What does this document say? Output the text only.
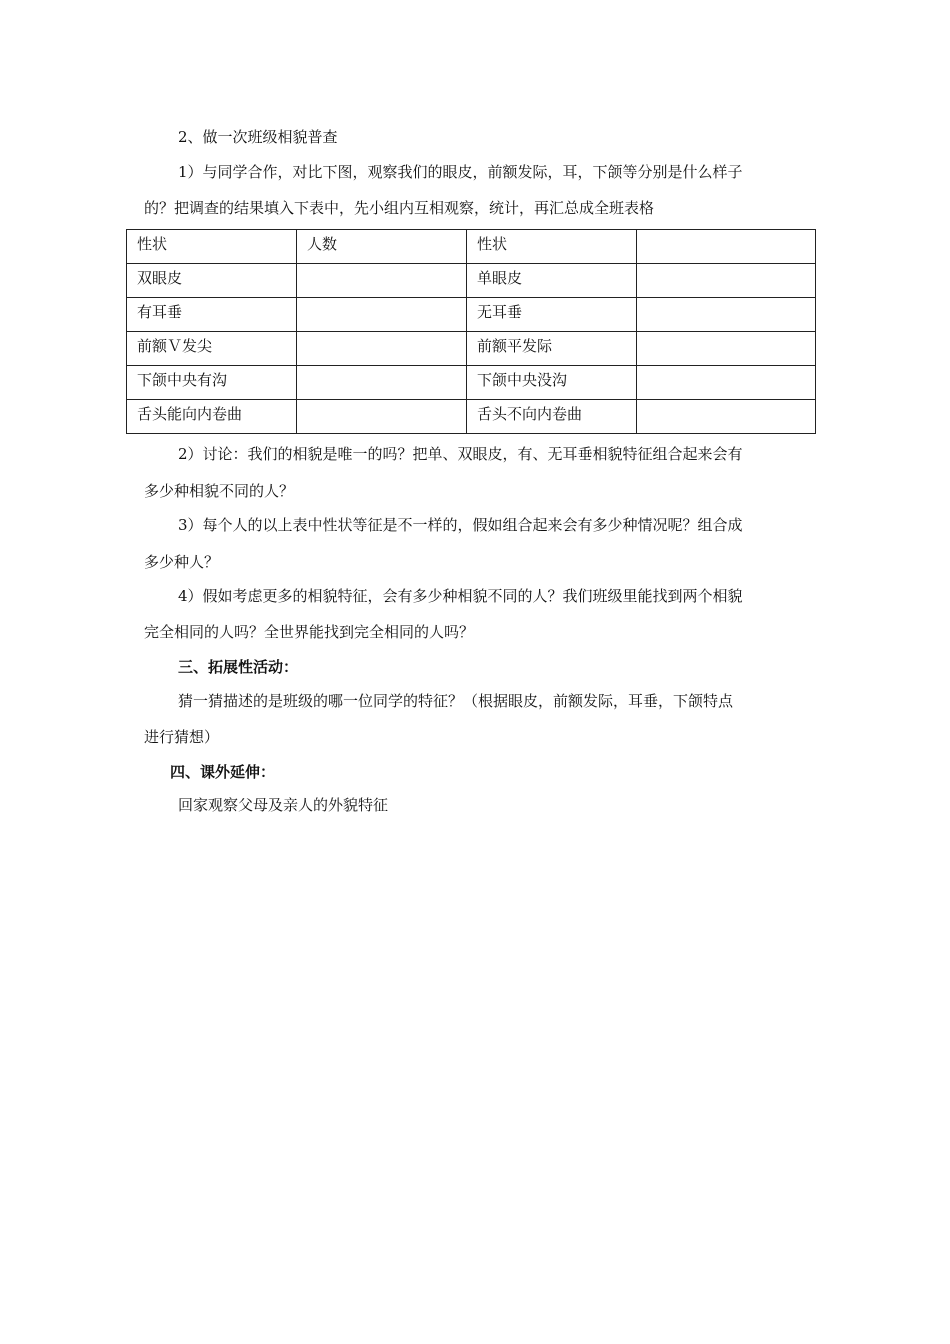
2、做一次班级相貌普查
1）与同学合作，对比下图，观察我们的眼皮，前额发际，耳，下颌等分别是什么样子
的？把调查的结果填入下表中，先小组内互相观察，统计，再汇总成全班表格
性状	人数	性状	
双眼皮		单眼皮	
有耳垂		无耳垂	
前额Ｖ发尖		前额平发际	
下颌中央有沟		下颌中央没沟	
舌头能向内卷曲		舌头不向内卷曲	
2）讨论：我们的相貌是唯一的吗？把单、双眼皮，有、无耳垂相貌特征组合起来会有
多少种相貌不同的人？
3）每个人的以上表中性状等征是不一样的，假如组合起来会有多少种情况呢？组合成
多少种人？
4）假如考虑更多的相貌特征，会有多少种相貌不同的人？我们班级里能找到两个相貌
完全相同的人吗？全世界能找到完全相同的人吗？
三、拓展性活动：
猜一猜描述的是班级的哪一位同学的特征？（根据眼皮，前额发际，耳垂，下颌特点
进行猜想）
四、课外延伸：
回家观察父母及亲人的外貌特征
